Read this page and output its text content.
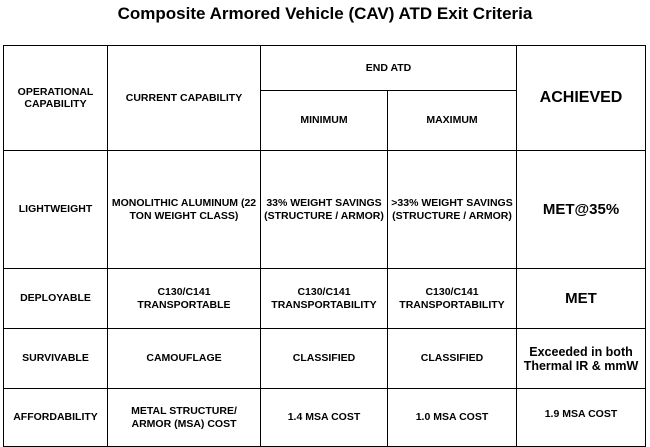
Composite Armored Vehicle (CAV) ATD Exit Criteria
OPERATIONAL CAPABILITY	CURRENT CAPABILITY	END ATD		ACHIEVED
		MINIMUM	MAXIMUM	
LIGHTWEIGHT	MONOLITHIC ALUMINUM (22 TON WEIGHT CLASS)	33% WEIGHT SAVINGS (STRUCTURE / ARMOR)	>33% WEIGHT SAVINGS (STRUCTURE / ARMOR)	MET@35%
DEPLOYABLE	C130/C141 TRANSPORTABLE	C130/C141 TRANSPORTABILITY	C130/C141 TRANSPORTABILITY	MET
SURVIVABLE	CAMOUFLAGE	CLASSIFIED	CLASSIFIED	Exceeded in both Thermal IR & mmW
AFFORDABILITY	METAL STRUCTURE/ ARMOR (MSA) COST	1.4 MSA COST	1.0 MSA COST	1.9 MSA COST
